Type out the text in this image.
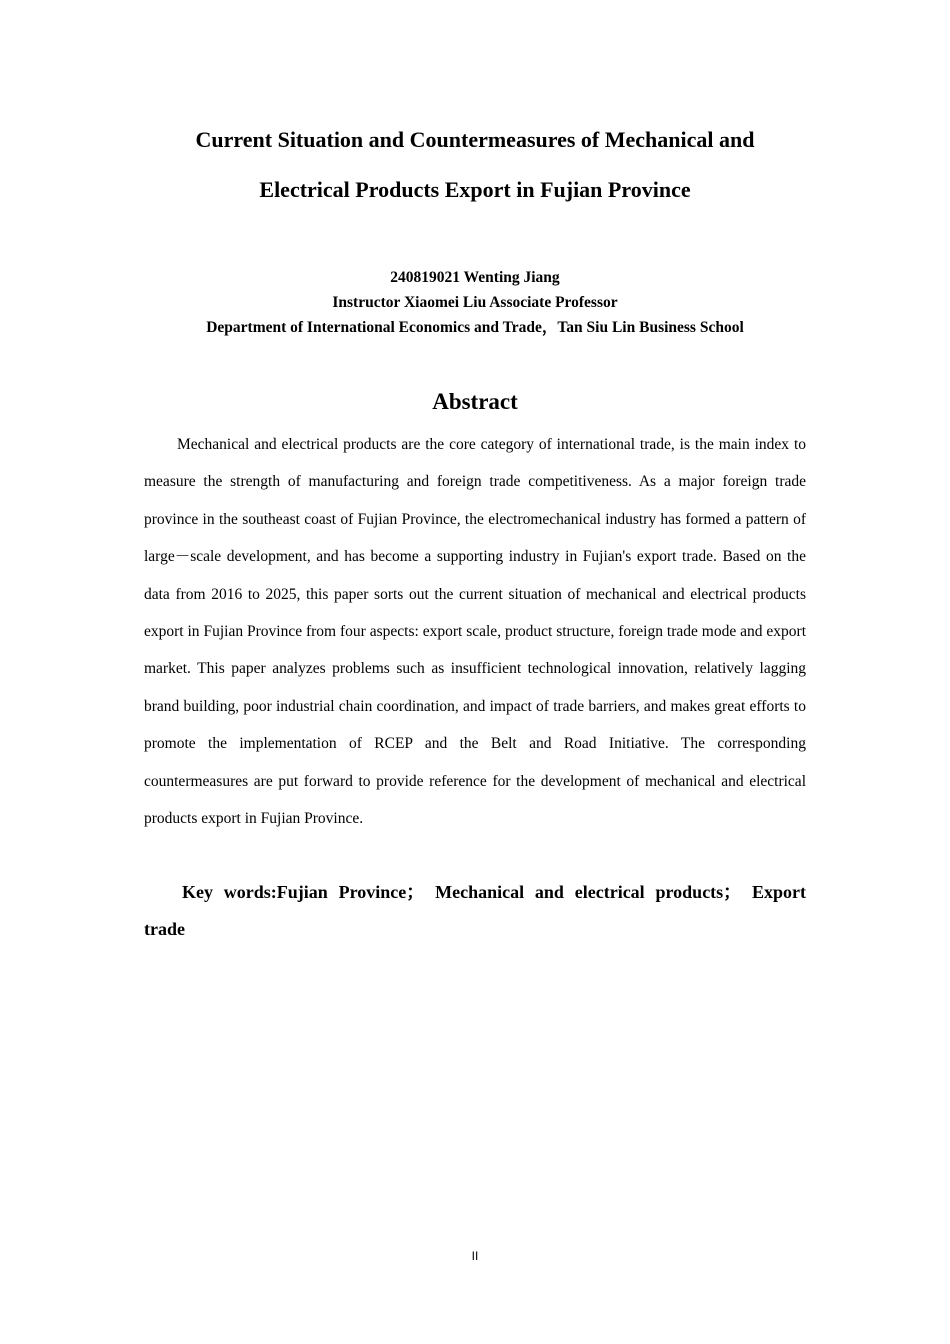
Current Situation and Countermeasures of Mechanical and
Electrical Products Export in Fujian Province
240819021 Wenting Jiang
Instructor Xiaomei Liu Associate Professor
Department of International Economics and Trade，Tan Siu Lin Business School
Abstract

Mechanical and electrical products are the core category of international trade, is the main index to measure the strength of manufacturing and foreign trade competitiveness. As a major foreign trade province in the southeast coast of Fujian Province, the electromechanical industry has formed a pattern of large－scale development, and has become a supporting industry in Fujian's export trade. Based on the data from 2016 to 2025, this paper sorts out the current situation of mechanical and electrical products export in Fujian Province from four aspects: export scale, product structure, foreign trade mode and export market. This paper analyzes problems such as insufficient technological innovation, relatively lagging brand building, poor industrial chain coordination, and impact of trade barriers, and makes great efforts to promote the implementation of RCEP and the Belt and Road Initiative. The corresponding countermeasures are put forward to provide reference for the development of mechanical and electrical products export in Fujian Province.

Key words:Fujian Province； Mechanical and electrical products； Export trade

II
